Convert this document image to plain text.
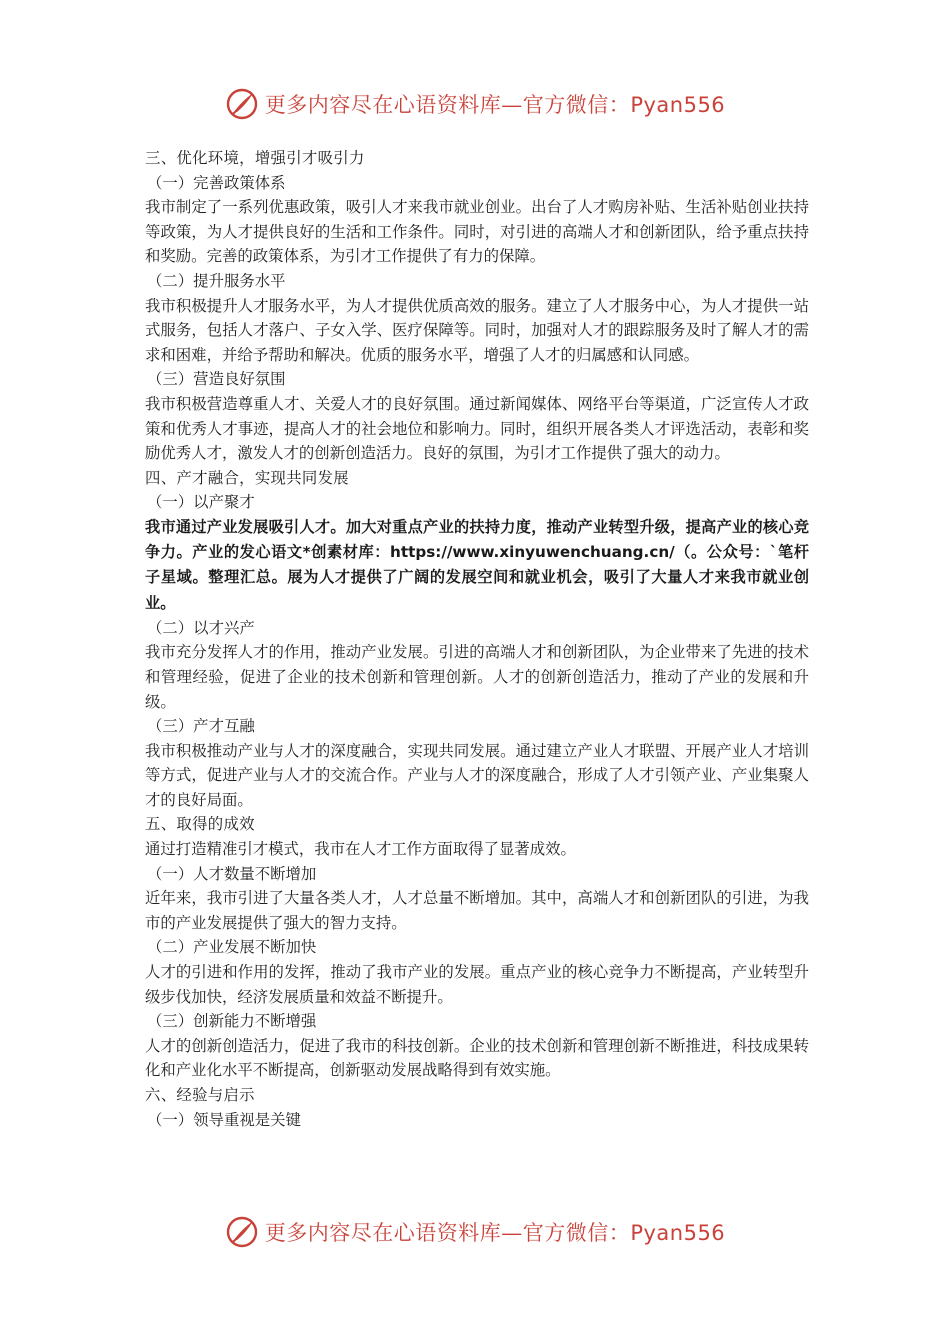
更多内容尽在心语资料库—官方微信：Pyan556

三、优化环境，增强引才吸引力

（一）完善政策体系

我市制定了一系列优惠政策，吸引人才来我市就业创业。出台了人才购房补贴、生活补贴创业扶持等政策，为人才提供良好的生活和工作条件。同时，对引进的高端人才和创新团队，给予重点扶持和奖励。完善的政策体系，为引才工作提供了有力的保障。

（二）提升服务水平

我市积极提升人才服务水平，为人才提供优质高效的服务。建立了人才服务中心，为人才提供一站式服务，包括人才落户、子女入学、医疗保障等。同时，加强对人才的跟踪服务及时了解人才的需求和困难，并给予帮助和解决。优质的服务水平，增强了人才的归属感和认同感。

（三）营造良好氛围

我市积极营造尊重人才、关爱人才的良好氛围。通过新闻媒体、网络平台等渠道，广泛宣传人才政策和优秀人才事迹，提高人才的社会地位和影响力。同时，组织开展各类人才评选活动，表彰和奖励优秀人才，激发人才的创新创造活力。良好的氛围，为引才工作提供了强大的动力。

四、产才融合，实现共同发展

（一）以产聚才

我市通过产业发展吸引人才。加大对重点产业的扶持力度，推动产业转型升级，提高产业的核心竞争力。产业的发心语文*创素材库：https://www.xinyuwenchuang.cn/（。公众号：`笔杆子星域。整理汇总。展为人才提供了广阔的发展空间和就业机会，吸引了大量人才来我市就业创业。

（二）以才兴产

我市充分发挥人才的作用，推动产业发展。引进的高端人才和创新团队，为企业带来了先进的技术和管理经验，促进了企业的技术创新和管理创新。人才的创新创造活力，推动了产业的发展和升级。

（三）产才互融

我市积极推动产业与人才的深度融合，实现共同发展。通过建立产业人才联盟、开展产业人才培训等方式，促进产业与人才的交流合作。产业与人才的深度融合，形成了人才引领产业、产业集聚人才的良好局面。

五、取得的成效

通过打造精准引才模式，我市在人才工作方面取得了显著成效。

（一）人才数量不断增加

近年来，我市引进了大量各类人才，人才总量不断增加。其中，高端人才和创新团队的引进，为我市的产业发展提供了强大的智力支持。

（二）产业发展不断加快

人才的引进和作用的发挥，推动了我市产业的发展。重点产业的核心竞争力不断提高，产业转型升级步伐加快，经济发展质量和效益不断提升。

（三）创新能力不断增强

人才的创新创造活力，促进了我市的科技创新。企业的技术创新和管理创新不断推进，科技成果转化和产业化水平不断提高，创新驱动发展战略得到有效实施。

六、经验与启示

（一）领导重视是关键

更多内容尽在心语资料库—官方微信：Pyan556
